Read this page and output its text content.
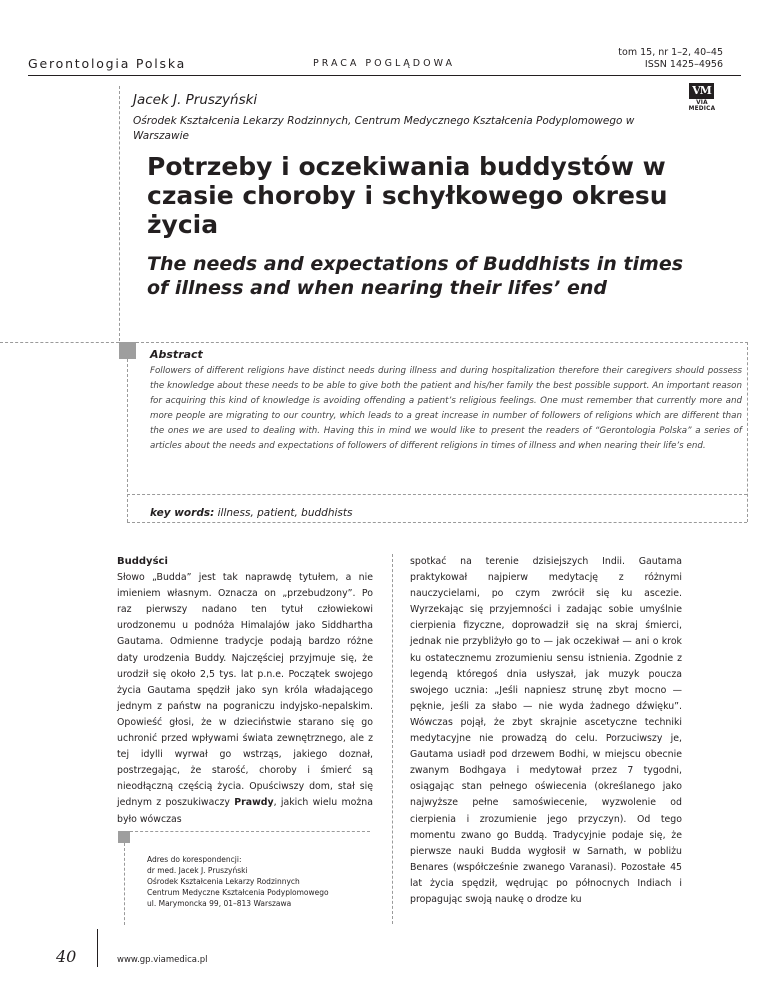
Gerontologia Polska	PRACA POGLĄDOWA
tom 15, nr 1–2, 40–45
ISSN 1425–4956
VM
VIA MEDICA
Jacek J. Pruszyński
Ośrodek Kształcenia Lekarzy Rodzinnych, Centrum Medycznego Kształcenia Podyplomowego w Warszawie
Potrzeby i oczekiwania buddystów w czasie choroby i schyłkowego okresu życia
The needs and expectations of Buddhists in times of illness and when nearing their lifes’ end
Abstract
Followers of different religions have distinct needs during illness and during hospitalization therefore their caregivers should possess the knowledge about these needs to be able to give both the patient and his/her family the best possible support. An important reason for acquiring this kind of knowledge is avoiding offending a patient’s religious feelings. One must remember that currently more and more people are migrating to our country, which leads to a great increase in number of followers of religions which are different than the ones we are used to dealing with. Having this in mind we would like to present the readers of “Gerontologia Polska” a series of articles about the needs and expectations of followers of different religions in times of illness and when nearing their life’s end.
key words: illness, patient, buddhists
Buddyści
Słowo „Budda” jest tak naprawdę tytułem, a nie imieniem własnym. Oznacza on „przebudzony”. Po raz pierwszy nadano ten tytuł człowiekowi urodzonemu u podnóża Himalajów jako Siddhartha Gautama. Odmienne tradycje podają bardzo różne daty urodzenia Buddy. Najczęściej przyjmuje się, że urodził się około 2,5 tys. lat p.n.e. Początek swojego życia Gautama spędził jako syn króla władającego jednym z państw na pograniczu indyjsko-nepalskim. Opowieść głosi, że w dzieciństwie starano się go uchronić przed wpływami świata zewnętrznego, ale z tej idylli wyrwał go wstrząs, jakiego doznał, postrzegając, że starość, choroby i śmierć są nieodłączną częścią życia. Opuściwszy dom, stał się jednym z poszukiwaczy Prawdy, jakich wielu można było wówczas
spotkać na terenie dzisiejszych Indii. Gautama praktykował najpierw medytację z różnymi nauczycielami, po czym zwrócił się ku ascezie. Wyrzekając się przyjemności i zadając sobie umyślnie cierpienia fizyczne, doprowadził się na skraj śmierci, jednak nie przybliżyło go to — jak oczekiwał — ani o krok ku ostatecznemu zrozumieniu sensu istnienia. Zgodnie z legendą któregoś dnia usłyszał, jak muzyk poucza swojego ucznia: „Jeśli napniesz strunę zbyt mocno — pęknie, jeśli za słabo — nie wyda żadnego dźwięku”. Wówczas pojął, że zbyt skrajnie ascetyczne techniki medytacyjne nie prowadzą do celu. Porzuciwszy je, Gautama usiadł pod drzewem Bodhi, w miejscu obecnie zwanym Bodhgaya i medytował przez 7 tygodni, osiągając stan pełnego oświecenia (określanego jako najwyższe pełne samoświecenie, wyzwolenie od cierpienia i zrozumienie jego przyczyn). Od tego momentu zwano go Buddą. Tradycyjnie podaje się, że pierwsze nauki Budda wygłosił w Sarnath, w pobliżu Benares (współcześnie zwanego Varanasi). Pozostałe 45 lat życia spędził, wędrując po północnych Indiach i propagując swoją naukę o drodze ku
Adres do korespondencji:
dr med. Jacek J. Pruszyński
Ośrodek Kształcenia Lekarzy Rodzinnych
Centrum Medyczne Kształcenia Podyplomowego
ul. Marymoncka 99, 01–813 Warszawa
40	www.gp.viamedica.pl
